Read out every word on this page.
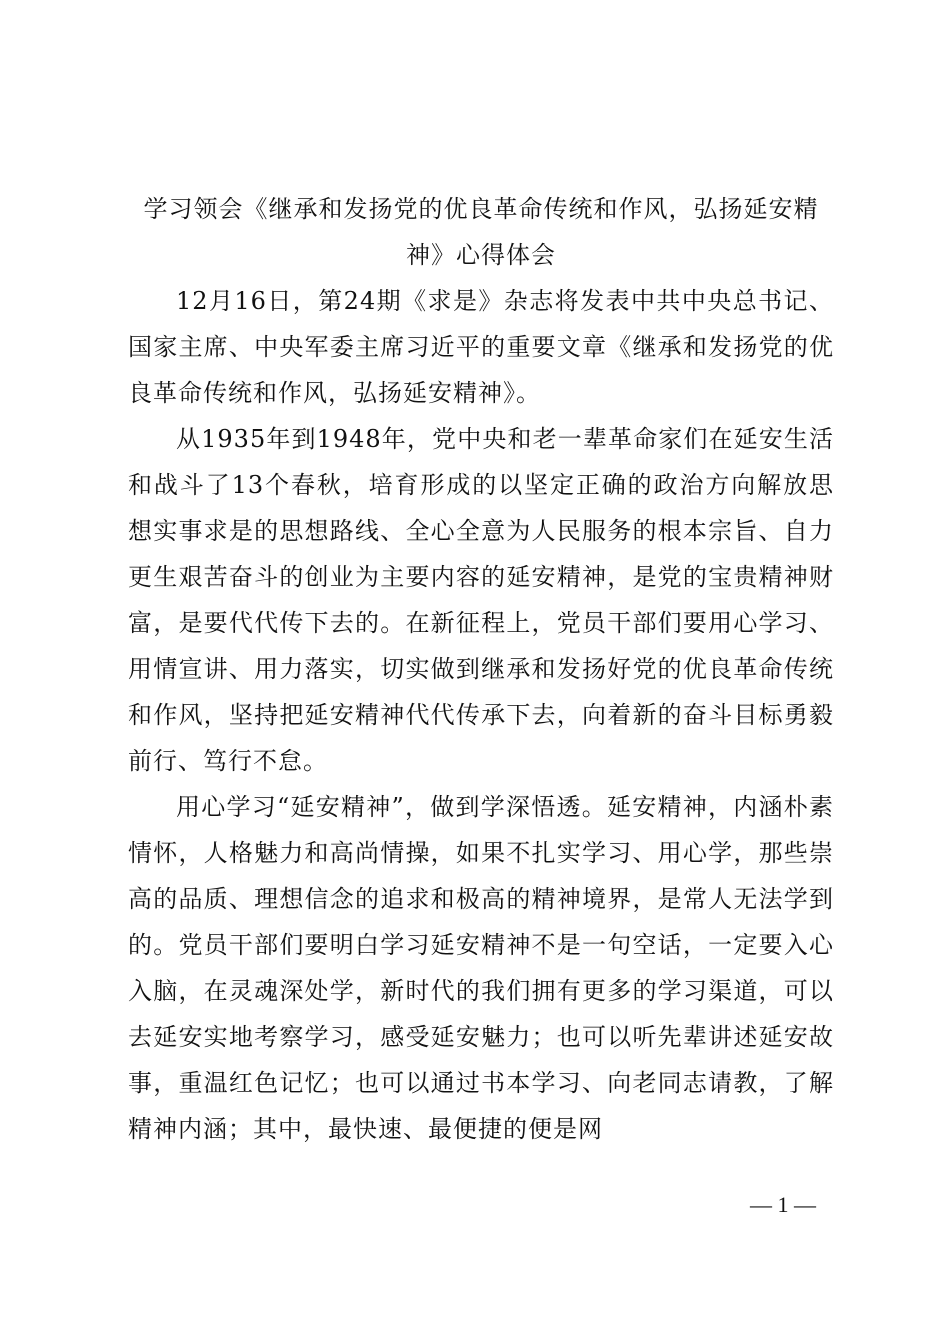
学习领会《继承和发扬党的优良革命传统和作风，弘扬延安精神》心得体会

12月16日，第24期《求是》杂志将发表中共中央总书记、国家主席、中央军委主席习近平的重要文章《继承和发扬党的优良革命传统和作风，弘扬延安精神》。

从1935年到1948年，党中央和老一辈革命家们在延安生活和战斗了13个春秋，培育形成的以坚定正确的政治方向解放思想实事求是的思想路线、全心全意为人民服务的根本宗旨、自力更生艰苦奋斗的创业为主要内容的延安精神，是党的宝贵精神财富，是要代代传下去的。在新征程上，党员干部们要用心学习、用情宣讲、用力落实，切实做到继承和发扬好党的优良革命传统和作风，坚持把延安精神代代传承下去，向着新的奋斗目标勇毅前行、笃行不怠。

用心学习“延安精神”，做到学深悟透。延安精神，内涵朴素情怀，人格魅力和高尚情操，如果不扎实学习、用心学，那些崇高的品质、理想信念的追求和极高的精神境界，是常人无法学到的。党员干部们要明白学习延安精神不是一句空话，一定要入心入脑，在灵魂深处学，新时代的我们拥有更多的学习渠道，可以去延安实地考察学习，感受延安魅力；也可以听先辈讲述延安故事，重温红色记忆；也可以通过书本学习、向老同志请教，了解精神内涵；其中，最快速、最便捷的便是网

— 1 —
